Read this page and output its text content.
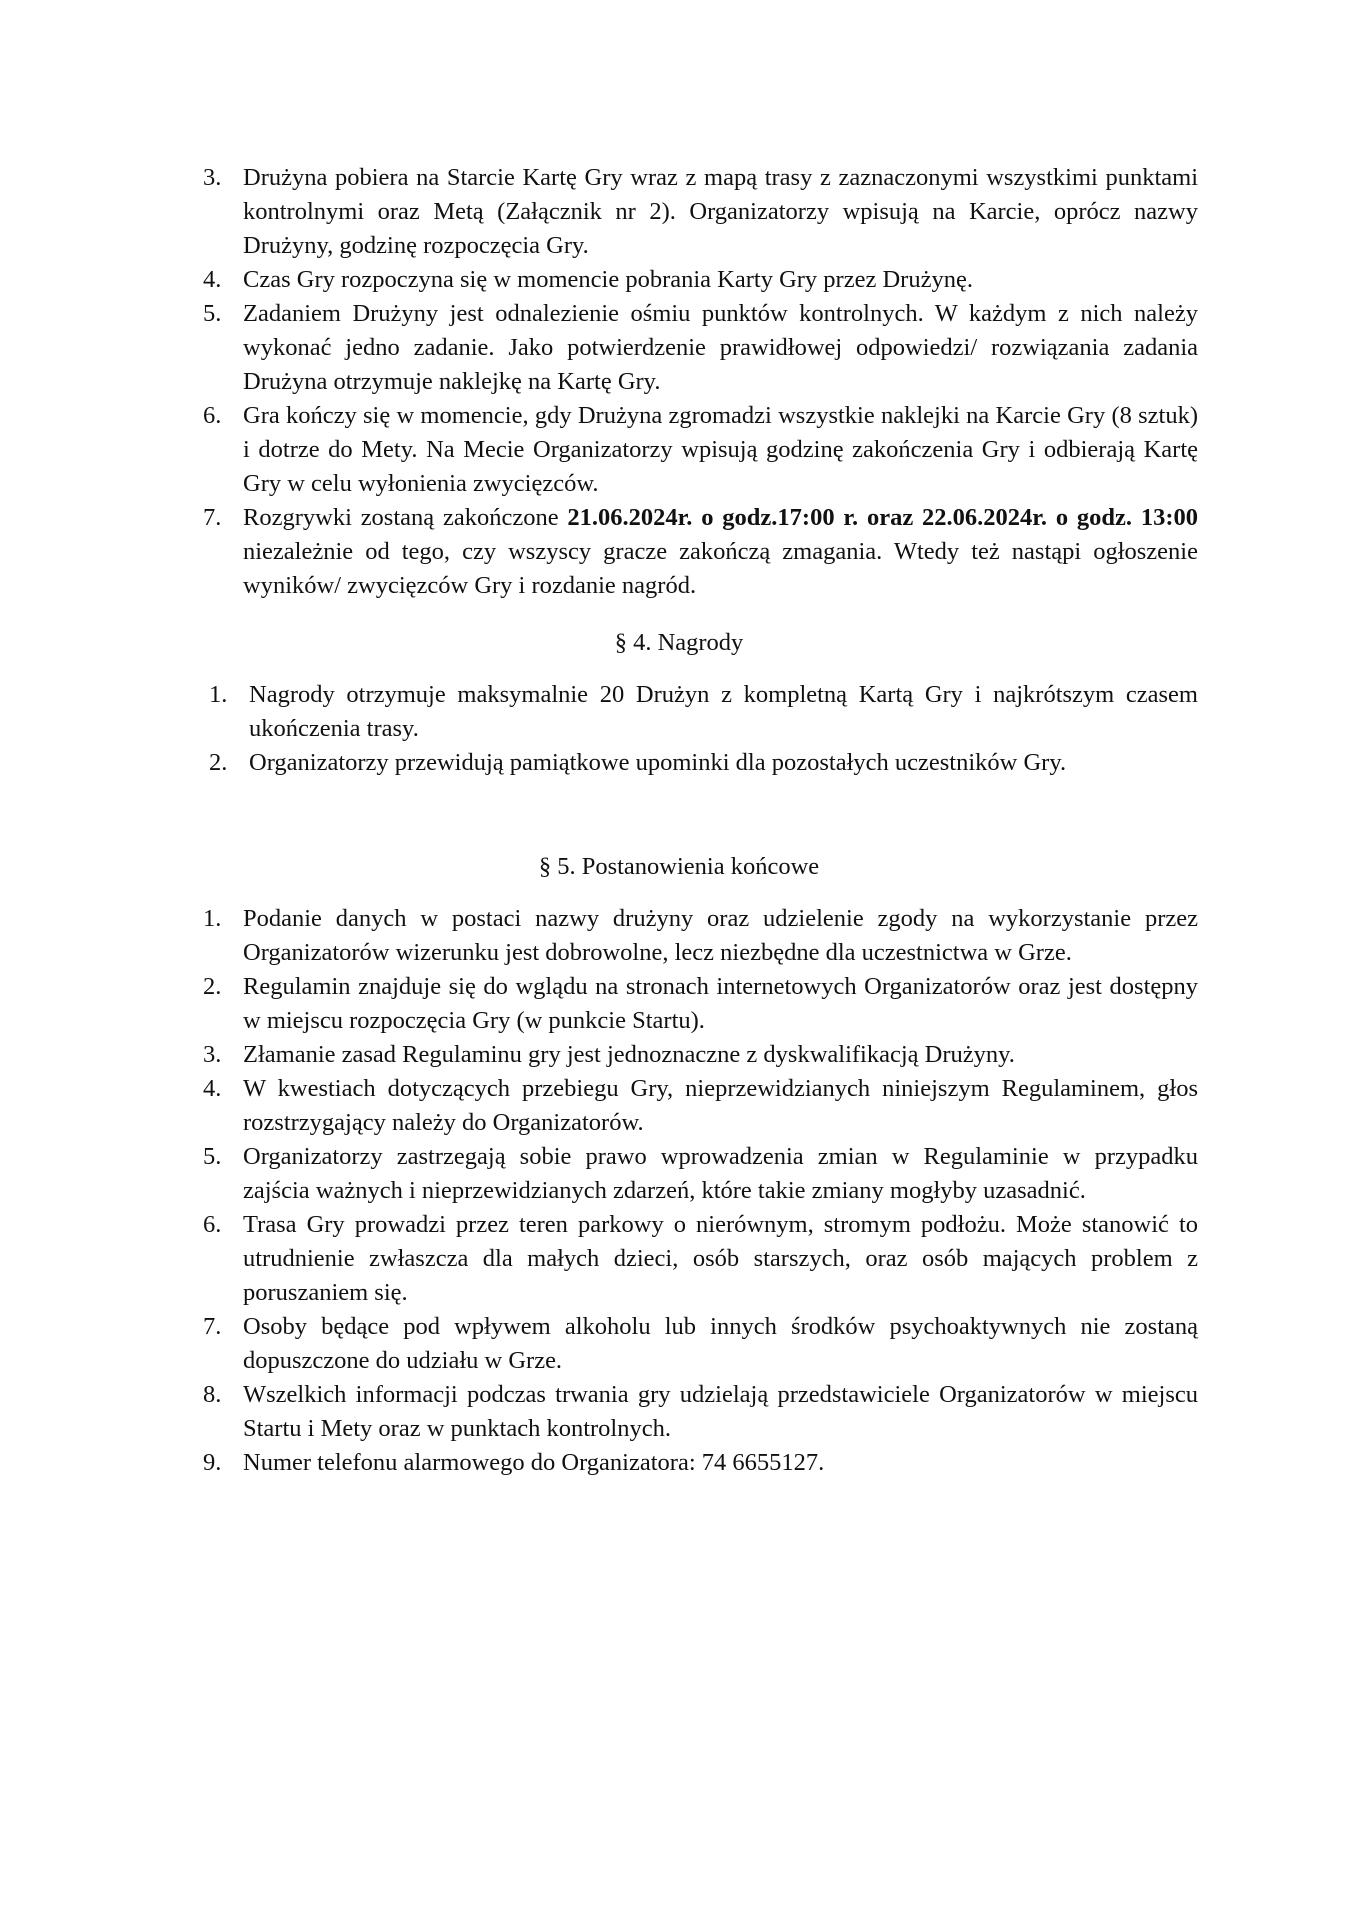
3. Drużyna pobiera na Starcie Kartę Gry wraz z mapą trasy z zaznaczonymi wszystkimi punktami kontrolnymi oraz Metą (Załącznik nr 2). Organizatorzy wpisują na Karcie, oprócz nazwy Drużyny, godzinę rozpoczęcia Gry.
4. Czas Gry rozpoczyna się w momencie pobrania Karty Gry przez Drużynę.
5. Zadaniem Drużyny jest odnalezienie ośmiu punktów kontrolnych. W każdym z nich należy wykonać jedno zadanie. Jako potwierdzenie prawidłowej odpowiedzi/ rozwiązania zadania Drużyna otrzymuje naklejkę na Kartę Gry.
6. Gra kończy się w momencie, gdy Drużyna zgromadzi wszystkie naklejki na Karcie Gry (8 sztuk) i dotrze do Mety. Na Mecie Organizatorzy wpisują godzinę zakończenia Gry i odbierają Kartę Gry w celu wyłonienia zwycięzców.
7. Rozgrywki zostaną zakończone 21.06.2024r. o godz.17:00 r. oraz 22.06.2024r. o godz. 13:00 niezależnie od tego, czy wszyscy gracze zakończą zmagania. Wtedy też nastąpi ogłoszenie wyników/ zwycięzców Gry i rozdanie nagród.
§ 4. Nagrody
1. Nagrody otrzymuje maksymalnie 20 Drużyn z kompletną Kartą Gry i najkrótszym czasem ukończenia trasy.
2. Organizatorzy przewidują pamiątkowe upominki dla pozostałych uczestników Gry.
§ 5. Postanowienia końcowe
1. Podanie danych w postaci nazwy drużyny oraz udzielenie zgody na wykorzystanie przez Organizatorów wizerunku jest dobrowolne, lecz niezbędne dla uczestnictwa w Grze.
2. Regulamin znajduje się do wglądu na stronach internetowych Organizatorów oraz jest dostępny w miejscu rozpoczęcia Gry (w punkcie Startu).
3. Złamanie zasad Regulaminu gry jest jednoznaczne z dyskwalifikacją Drużyny.
4. W kwestiach dotyczących przebiegu Gry, nieprzewidzianych niniejszym Regulaminem, głos rozstrzygający należy do Organizatorów.
5. Organizatorzy zastrzegają sobie prawo wprowadzenia zmian w Regulaminie w przypadku zajścia ważnych i nieprzewidzianych zdarzeń, które takie zmiany mogłyby uzasadnić.
6. Trasa Gry prowadzi przez teren parkowy o nierównym, stromym podłożu. Może stanowić to utrudnienie zwłaszcza dla małych dzieci, osób starszych, oraz osób mających problem z poruszaniem się.
7. Osoby będące pod wpływem alkoholu lub innych środków psychoaktywnych nie zostaną dopuszczone do udziału w Grze.
8. Wszelkich informacji podczas trwania gry udzielają przedstawiciele Organizatorów w miejscu Startu i Mety oraz w punktach kontrolnych.
9. Numer telefonu alarmowego do Organizatora: 74 6655127.
